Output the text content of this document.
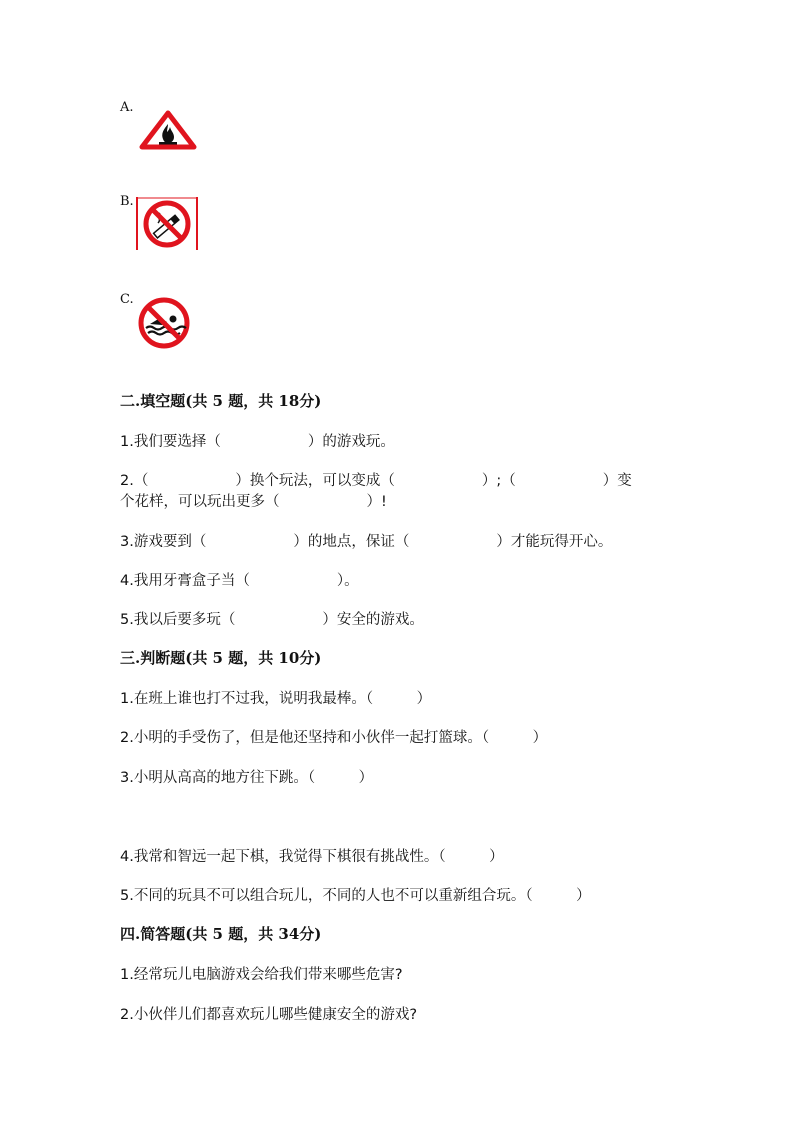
A.
B.
C.
二.填空题(共 5 题，共 18分)
1.我们要选择（　　　　　　）的游戏玩。
2.（　　　　　　）换个玩法，可以变成（　　　　　　）;（　　　　　　）变
个花样，可以玩出更多（　　　　　　）!
3.游戏要到（　　　　　　）的地点，保证（　　　　　　）才能玩得开心。
4.我用牙膏盒子当（　　　　　　）。
5.我以后要多玩（　　　　　　）安全的游戏。
三.判断题(共 5 题，共 10分)
1.在班上谁也打不过我，说明我最棒。（　　　）
2.小明的手受伤了，但是他还坚持和小伙伴一起打篮球。（　　　）
3.小明从高高的地方往下跳。（　　　）
4.我常和智远一起下棋，我觉得下棋很有挑战性。（　　　）
5.不同的玩具不可以组合玩儿，不同的人也不可以重新组合玩。（　　　）
四.简答题(共 5 题，共 34分)
1.经常玩儿电脑游戏会给我们带来哪些危害?
2.小伙伴儿们都喜欢玩儿哪些健康安全的游戏?
